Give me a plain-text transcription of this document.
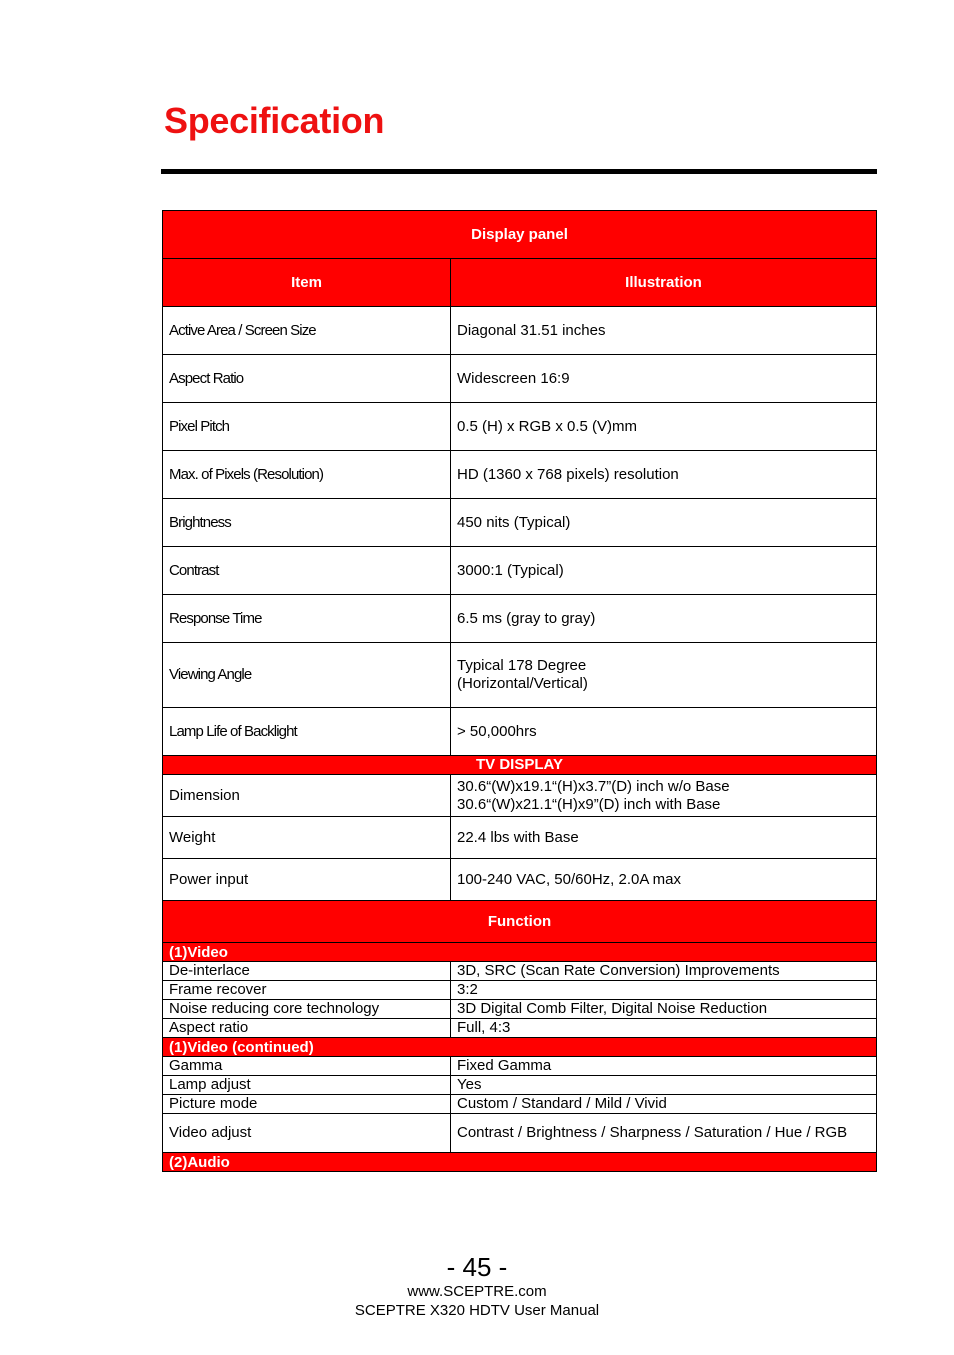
Specification
Display panel	
Item	Illustration
Active Area / Screen Size	Diagonal 31.51 inches
Aspect Ratio	Widescreen 16:9
Pixel Pitch	0.5 (H) x RGB x 0.5 (V)mm
Max. of Pixels (Resolution)	HD (1360 x 768 pixels) resolution
Brightness	450 nits (Typical)
Contrast	3000:1 (Typical)
Response Time	6.5 ms (gray to gray)
Viewing Angle	Typical 178 Degree
(Horizontal/Vertical)

Lamp Life of Backlight	> 50,000hrs
TV DISPLAY	
Dimension	30.6“(W)x19.1“(H)x3.7”(D) inch w/o Base
30.6“(W)x21.1“(H)x9”(D) inch with Base

Weight	22.4 lbs with Base
Power input	100-240 VAC, 50/60Hz, 2.0A max
Function	
(1)Video	
De-interlace	3D, SRC (Scan Rate Conversion) Improvements
Frame recover	3:2
Noise reducing core technology	3D Digital Comb Filter, Digital Noise Reduction
Aspect ratio	Full, 4:3
(1)Video (continued)	
Gamma	Fixed Gamma
Lamp adjust	Yes
Picture mode	Custom / Standard / Mild / Vivid
Video adjust	Contrast / Brightness / Sharpness / Saturation / Hue / RGB
(2)Audio	
- 45 -
www.SCEPTRE.com
SCEPTRE X320 HDTV User Manual
